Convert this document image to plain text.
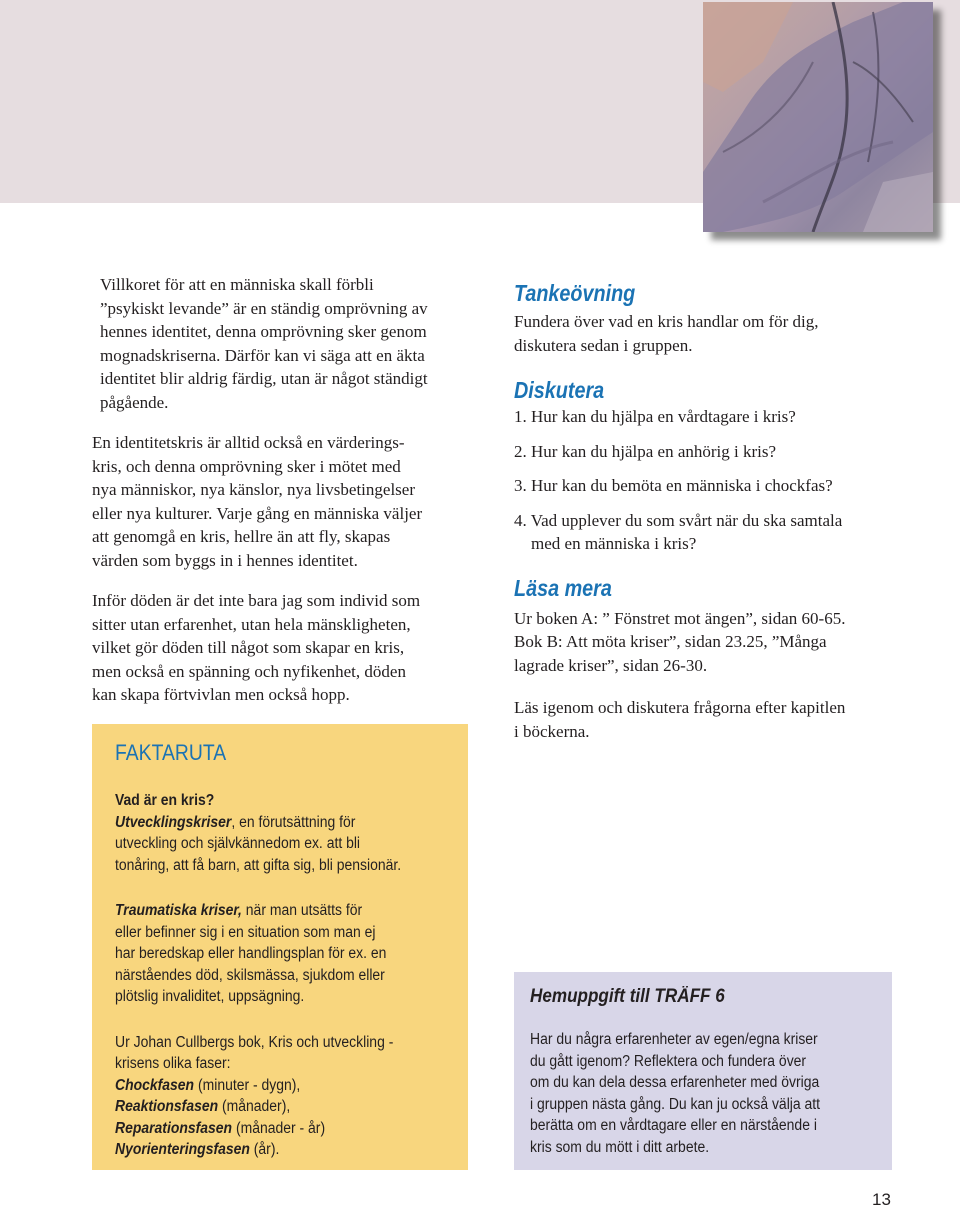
Villkoret för att en människa skall förbli
”psykiskt levande” är en ständig omprövning av
hennes identitet, denna omprövning sker genom
mognadskriserna. Därför kan vi säga att en äkta
identitet blir aldrig färdig, utan är något ständigt
pågående.

En identitetskris är alltid också en värderings-
kris, och denna omprövning sker i mötet med
nya människor, nya känslor, nya livsbetingelser
eller nya kulturer. Varje gång en människa väljer
att genomgå en kris, hellre än att fly, skapas
värden som byggs in i hennes identitet.

Inför döden är det inte bara jag som individ som
sitter utan erfarenhet, utan hela mänskligheten,
vilket gör döden till något som skapar en kris,
men också en spänning och nyfikenhet, döden
kan skapa förtvivlan men också hopp.

Tankeövning

Fundera över vad en kris handlar om för dig,
diskutera sedan i gruppen.

Diskutera
1. Hur kan du hjälpa en vårdtagare i kris?
2. Hur kan du hjälpa en anhörig i kris?
3. Hur kan du bemöta en människa i chockfas?
4. Vad upplever du som svårt när du ska samtala
med en människa i kris?
Läsa mera

Ur boken A: ” Fönstret mot ängen”, sidan 60-65.
Bok B: Att möta kriser”, sidan 23.25, ”Många
lagrade kriser”, sidan 26-30.

Läs igenom och diskutera frågorna efter kapitlen
i böckerna.

FAKTARUTA

Vad är en kris?
Utvecklingskriser, en förutsättning för
utveckling och självkännedom ex. att bli
tonåring, att få barn, att gifta sig, bli pensionär.

Traumatiska kriser, när man utsätts för
eller befinner sig i en situation som man ej
har beredskap eller handlingsplan för ex. en
närståendes död, skilsmässa, sjukdom eller
plötslig invaliditet, uppsägning.

Ur Johan Cullbergs bok, Kris och utveckling -
krisens olika faser:
Chockfasen (minuter - dygn),
Reaktionsfasen (månader),
Reparationsfasen (månader - år)
Nyorienteringsfasen (år).

Hemuppgift till TRÄFF 6
Har du några erfarenheter av egen/egna kriser
du gått igenom? Reflektera och fundera över
om du kan dela dessa erfarenheter med övriga
i gruppen nästa gång. Du kan ju också välja att
berätta om en vårdtagare eller en närstående i
kris som du mött i ditt arbete.
13
